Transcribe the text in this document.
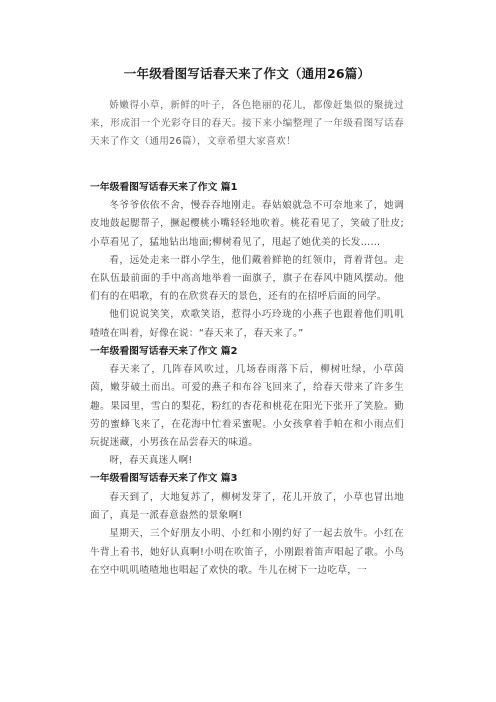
一年级看图写话春天来了作文（通用26篇）

娇嫩得小草，新鲜的叶子，各色艳丽的花儿，都像赶集似的聚拢过来，形成泪一个光彩夺目的春天。接下来小编整理了一年级看图写话春天来了作文（通用26篇），文章希望大家喜欢！

一年级看图写话春天来了作文 篇1

冬爷爷依依不舍，慢吞吞地刚走。春姑娘就急不可奈地来了，她调皮地鼓起腮帮子，撅起樱桃小嘴轻轻地吹着。桃花看见了，笑破了肚皮;小草看见了，猛地钻出地面;柳树看见了，甩起了她优美的长发……

看，远处走来一群小学生，他们戴着鲜艳的红领巾，背着背包。走在队伍最前面的手中高高地举着一面旗子，旗子在春风中随风摆动。他们有的在唱歌，有的在欣赏春天的景色，还有的在招呼后面的同学。

他们说说笑笑，欢歌笑语，惹得小巧玲珑的小燕子也跟着他们叽叽喳喳在叫着，好像在说：“春天来了，春天来了。”

一年级看图写话春天来了作文 篇2

春天来了，几阵春风吹过，几场春雨落下后，柳树吐绿，小草茵茵，嫩芽破土而出。可爱的燕子和布谷飞回来了，给春天带来了许多生趣。果园里，雪白的梨花，粉红的杏花和桃花在阳光下张开了笑脸。勤劳的蜜蜂飞来了，在花海中忙着采蜜呢。小女孩拿着手帕在和小雨点们玩捉迷藏，小男孩在品尝春天的味道。

呀，春天真迷人啊!

一年级看图写话春天来了作文 篇3

春天到了，大地复苏了，柳树发芽了，花儿开放了，小草也冒出地面了，真是一派春意盎然的景象啊!

星期天，三个好朋友小明、小红和小刚约好了一起去放牛。小红在牛背上看书，她好认真啊!小明在吹笛子，小刚跟着笛声唱起了歌。小鸟在空中叽叽喳喳地也唱起了欢快的歌。牛儿在树下一边吃草，一
